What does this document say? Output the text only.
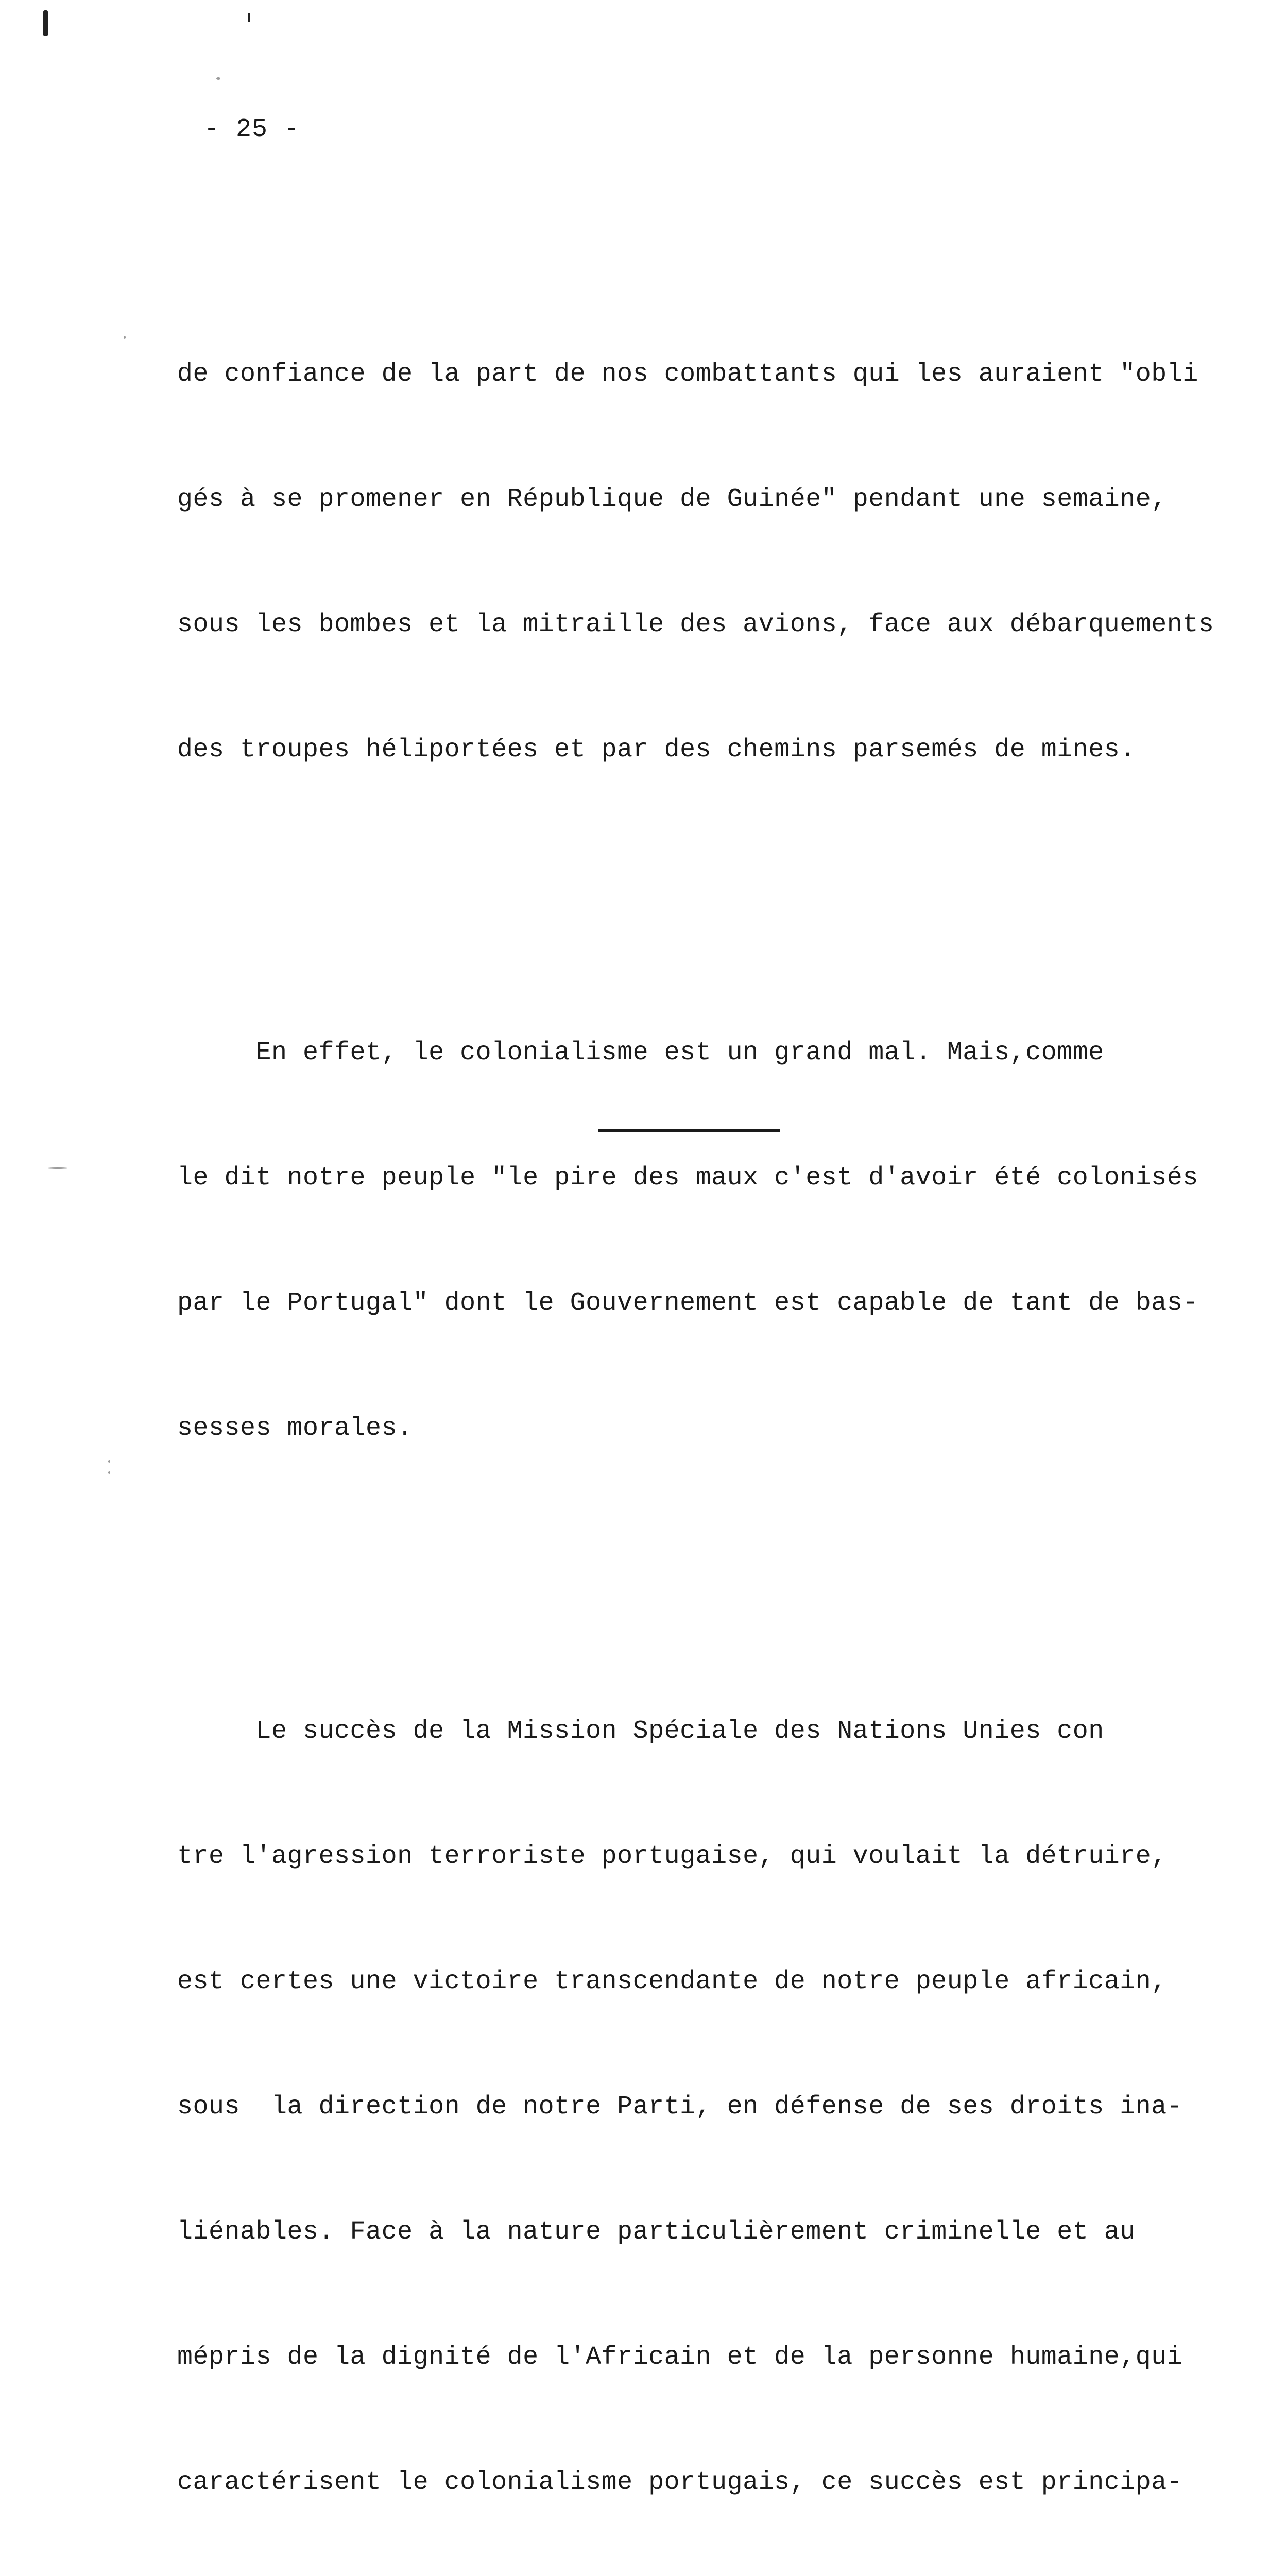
- 25 -

de confiance de la part de nos combattants qui les auraient "obli

gés à se promener en République de Guinée" pendant une semaine,

sous les bombes et la mitraille des avions, face aux débarquements

des troupes héliportées et par des chemins parsemés de mines.

En effet, le colonialisme est un grand mal. Mais,comme

le dit notre peuple "le pire des maux c'est d'avoir été colonisés

par le Portugal" dont le Gouvernement est capable de tant de bas-

sesses morales.

Le succès de la Mission Spéciale des Nations Unies con

tre l'agression terroriste portugaise, qui voulait la détruire,

est certes une victoire transcendante de notre peuple africain,

sous  la direction de notre Parti, en défense de ses droits ina-

liénables. Face à la nature particulièrement criminelle et au

mépris de la dignité de l'Africain et de la personne humaine,qui

caractérisent le colonialisme portugais, ce succès est principa-
